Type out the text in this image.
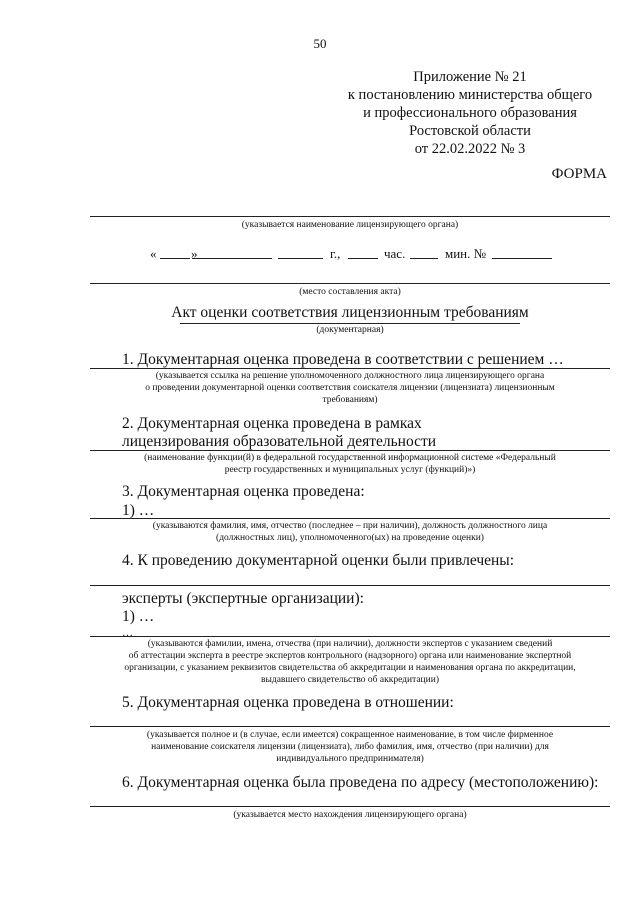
50
Приложение № 21
к постановлению министерства общего
и профессионального образования
Ростовской области
от 22.02.2022 № 3
ФОРМА
(указывается наименование лицензирующего органа)
«	»	г.,	час.	мин. №
(место составления акта)
Акт оценки соответствия лицензионным требованиям
(документарная)
1. Документарная оценка проведена в соответствии с решением …
(указывается ссылка на решение уполномоченного должностного лица лицензирующего органа
о проведении документарной оценки соответствия соискателя лицензии (лицензиата) лицензионным
требованиям)
2. Документарная оценка проведена в рамках
лицензирования образовательной деятельности
(наименование функции(й) в федеральной государственной информационной системе «Федеральный
реестр государственных и муниципальных услуг (функций)»)
3. Документарная оценка проведена:
1) …
(указываются фамилия, имя, отчество (последнее – при наличии), должность должностного лица
(должностных лиц), уполномоченного(ых) на проведение оценки)
4. К проведению документарной оценки были привлечены:
эксперты (экспертные организации):
1) …
…
(указываются фамилии, имена, отчества (при наличии), должности экспертов с указанием сведений
об аттестации эксперта в реестре экспертов контрольного (надзорного) органа или наименование экспертной
организации, с указанием реквизитов свидетельства об аккредитации и наименования органа по аккредитации,
выдавшего свидетельство об аккредитации)
5. Документарная оценка проведена в отношении:
(указывается полное и (в случае, если имеется) сокращенное наименование, в том числе фирменное
наименование соискателя лицензии (лицензиата), либо фамилия, имя, отчество (при наличии) для
индивидуального предпринимателя)
6. Документарная оценка была проведена по адресу (местоположению):
(указывается место нахождения лицензирующего органа)
